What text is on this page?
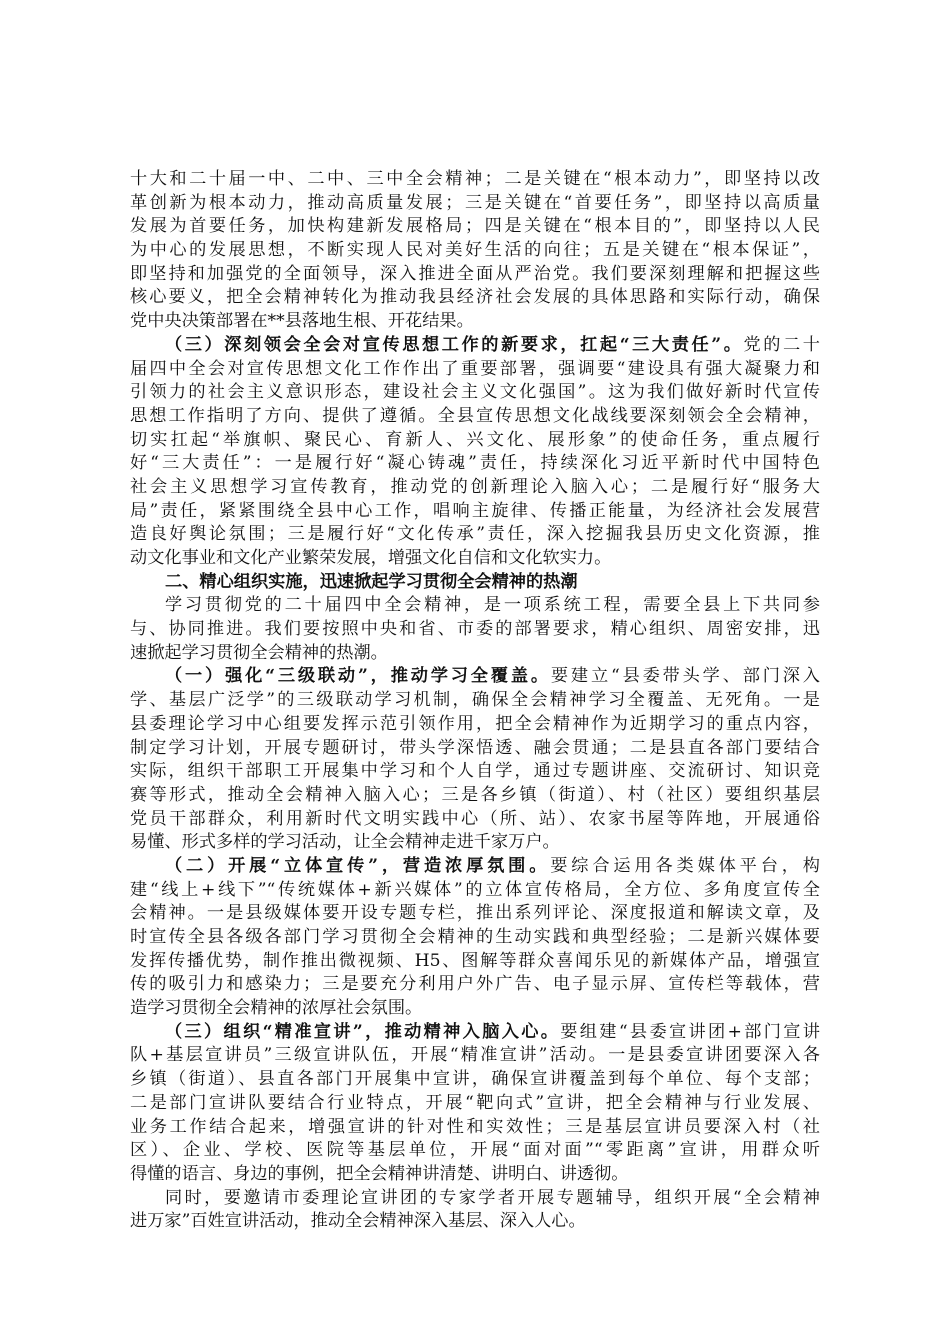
十大和二十届一中、二中、三中全会精神；二是关键在“根本动力”，即坚持以改
革创新为根本动力，推动高质量发展；三是关键在“首要任务”，即坚持以高质量
发展为首要任务，加快构建新发展格局；四是关键在“根本目的”，即坚持以人民
为中心的发展思想，不断实现人民对美好生活的向往；五是关键在“根本保证”，
即坚持和加强党的全面领导，深入推进全面从严治党。我们要深刻理解和把握这些
核心要义，把全会精神转化为推动我县经济社会发展的具体思路和实际行动，确保
党中央决策部署在**县落地生根、开花结果。
（三）深刻领会全会对宣传思想工作的新要求，扛起“三大责任”。党的二十
届四中全会对宣传思想文化工作作出了重要部署，强调要“建设具有强大凝聚力和
引领力的社会主义意识形态，建设社会主义文化强国”。这为我们做好新时代宣传
思想工作指明了方向、提供了遵循。全县宣传思想文化战线要深刻领会全会精神，
切实扛起“举旗帜、聚民心、育新人、兴文化、展形象”的使命任务，重点履行
好“三大责任”：一是履行好“凝心铸魂”责任，持续深化习近平新时代中国特色
社会主义思想学习宣传教育，推动党的创新理论入脑入心；二是履行好“服务大
局”责任，紧紧围绕全县中心工作，唱响主旋律、传播正能量，为经济社会发展营
造良好舆论氛围；三是履行好“文化传承”责任，深入挖掘我县历史文化资源，推
动文化事业和文化产业繁荣发展，增强文化自信和文化软实力。
二、精心组织实施，迅速掀起学习贯彻全会精神的热潮
学习贯彻党的二十届四中全会精神，是一项系统工程，需要全县上下共同参
与、协同推进。我们要按照中央和省、市委的部署要求，精心组织、周密安排，迅
速掀起学习贯彻全会精神的热潮。
（一）强化“三级联动”，推动学习全覆盖。要建立“县委带头学、部门深入
学、基层广泛学”的三级联动学习机制，确保全会精神学习全覆盖、无死角。一是
县委理论学习中心组要发挥示范引领作用，把全会精神作为近期学习的重点内容，
制定学习计划，开展专题研讨，带头学深悟透、融会贯通；二是县直各部门要结合
实际，组织干部职工开展集中学习和个人自学，通过专题讲座、交流研讨、知识竞
赛等形式，推动全会精神入脑入心；三是各乡镇（街道）、村（社区）要组织基层
党员干部群众，利用新时代文明实践中心（所、站）、农家书屋等阵地，开展通俗
易懂、形式多样的学习活动，让全会精神走进千家万户。
（二）开展“立体宣传”，营造浓厚氛围。要综合运用各类媒体平台，构
建“线上+线下”“传统媒体+新兴媒体”的立体宣传格局，全方位、多角度宣传全
会精神。一是县级媒体要开设专题专栏，推出系列评论、深度报道和解读文章，及
时宣传全县各级各部门学习贯彻全会精神的生动实践和典型经验；二是新兴媒体要
发挥传播优势，制作推出微视频、H5、图解等群众喜闻乐见的新媒体产品，增强宣
传的吸引力和感染力；三是要充分利用户外广告、电子显示屏、宣传栏等载体，营
造学习贯彻全会精神的浓厚社会氛围。
（三）组织“精准宣讲”，推动精神入脑入心。要组建“县委宣讲团+部门宣讲
队+基层宣讲员”三级宣讲队伍，开展“精准宣讲”活动。一是县委宣讲团要深入各
乡镇（街道）、县直各部门开展集中宣讲，确保宣讲覆盖到每个单位、每个支部；
二是部门宣讲队要结合行业特点，开展“靶向式”宣讲，把全会精神与行业发展、
业务工作结合起来，增强宣讲的针对性和实效性；三是基层宣讲员要深入村（社
区）、企业、学校、医院等基层单位，开展“面对面”“零距离”宣讲，用群众听
得懂的语言、身边的事例，把全会精神讲清楚、讲明白、讲透彻。
同时，要邀请市委理论宣讲团的专家学者开展专题辅导，组织开展“全会精神
进万家”百姓宣讲活动，推动全会精神深入基层、深入人心。
